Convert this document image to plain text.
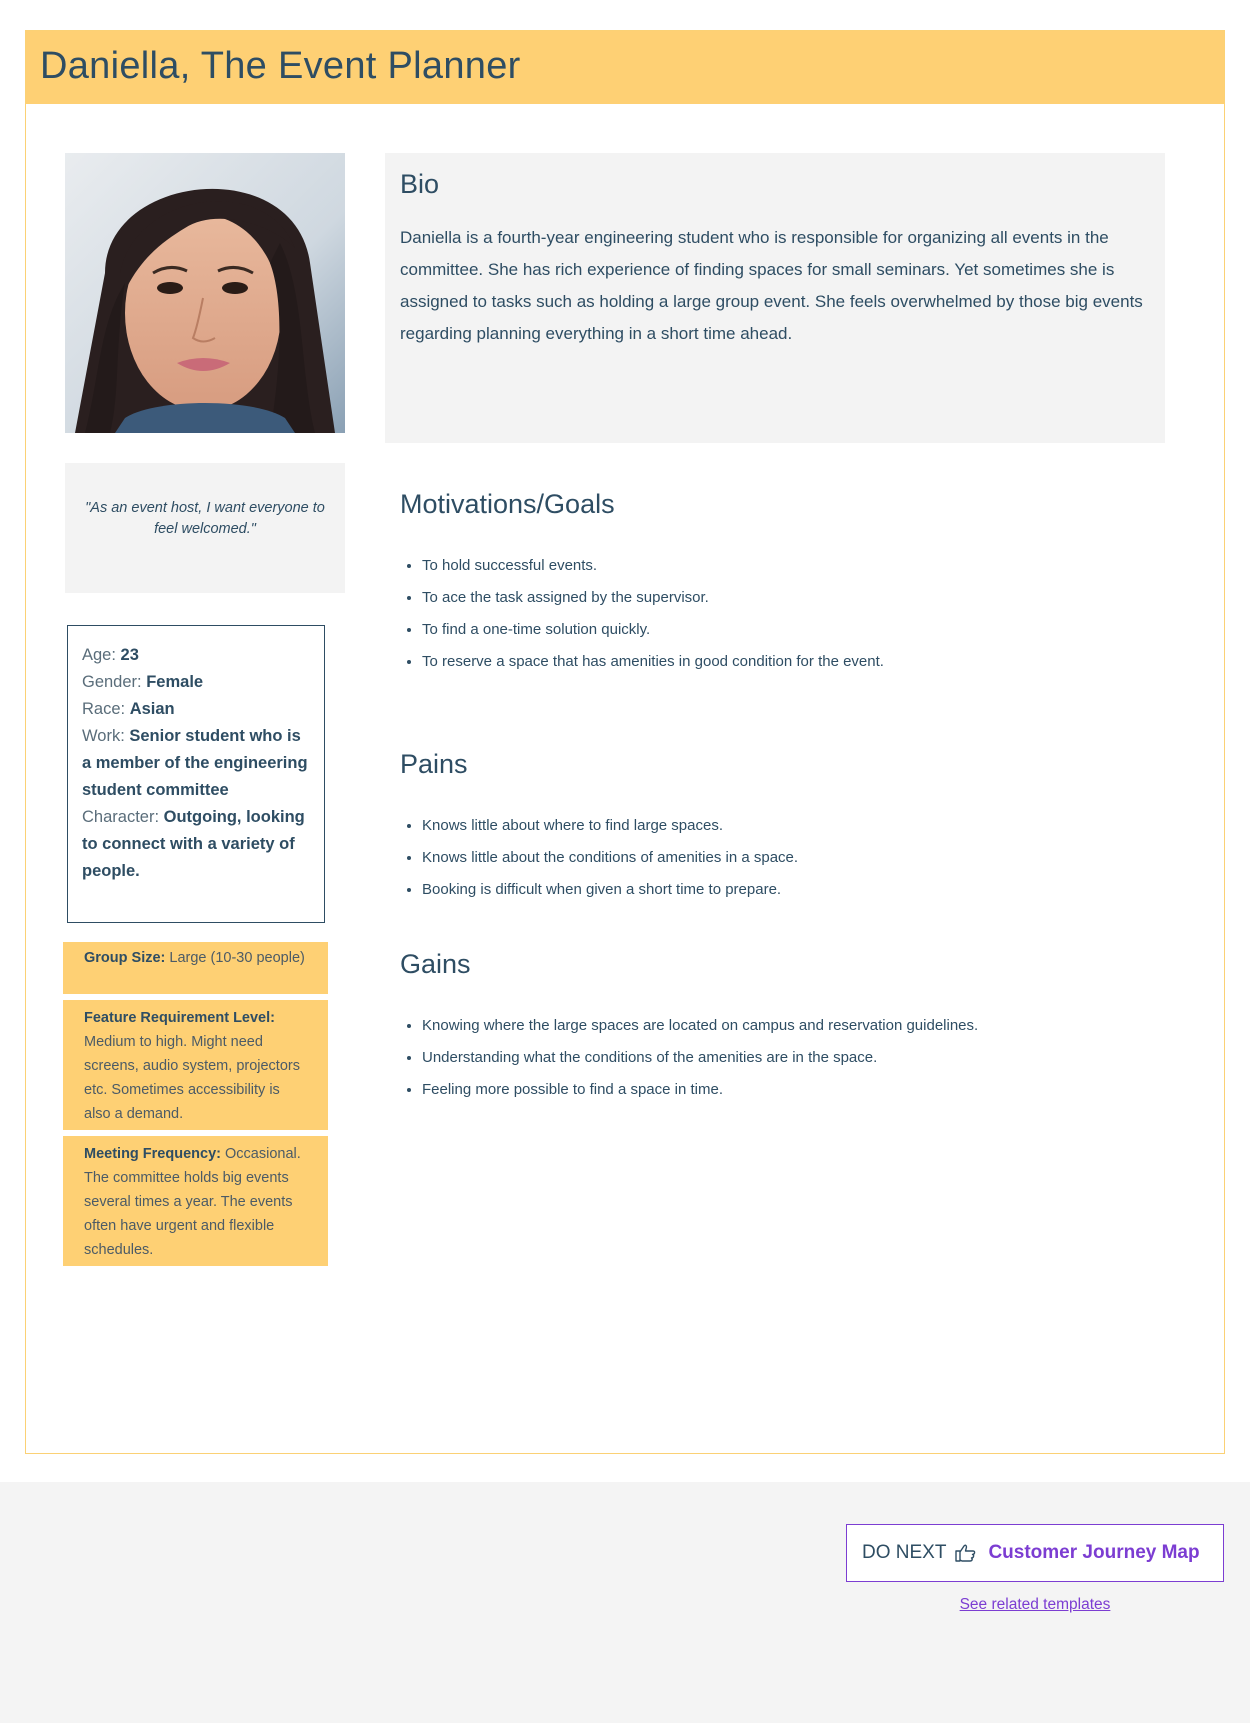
Daniella, The Event Planner

"As an event host, I want everyone to feel welcomed."

Age: 23
Gender: Female
Race: Asian
Work: Senior student who is a member of the engineering student committee
Character: Outgoing, looking to connect with a variety of people.
Group Size: Large (10-30 people)
Feature Requirement Level: Medium to high. Might need screens, audio system, projectors etc. Sometimes accessibility is also a demand.
Meeting Frequency: Occasional. The committee holds big events several times a year. The events often have urgent and flexible schedules.
Bio

Daniella is a fourth-year engineering student who is responsible for organizing all events in the committee. She has rich experience of finding spaces for small seminars. Yet sometimes she is assigned to tasks such as holding a large group event. She feels overwhelmed by those big events regarding planning everything in a short time ahead.

Motivations/Goals
• To hold successful events.
• To ace the task assigned by the supervisor.
• To find a one-time solution quickly.
• To reserve a space that has amenities in good condition for the event.
Pains
• Knows little about where to find large spaces.
• Knows little about the conditions of amenities in a space.
• Booking is difficult when given a short time to prepare.
Gains
• Knowing where the large spaces are located on campus and reservation guidelines.
• Understanding what the conditions of the amenities are in the space.
• Feeling more possible to find a space in time.
DO NEXT Customer Journey Map
See related templates
